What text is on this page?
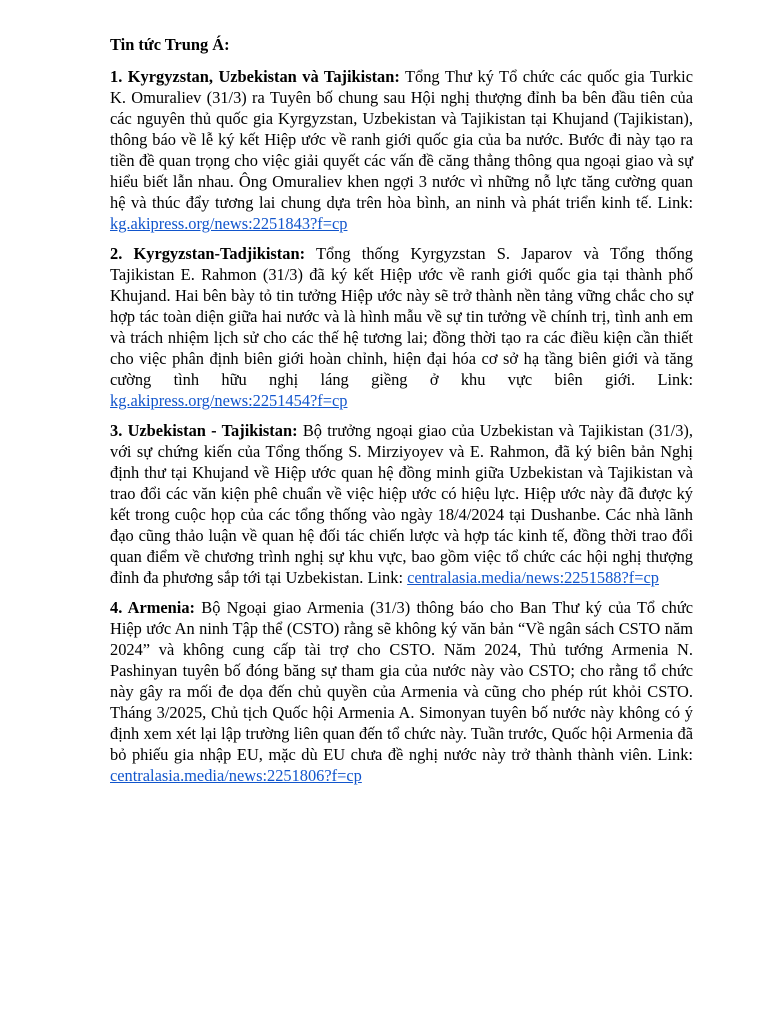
Tin tức Trung Á:

1. Kyrgyzstan, Uzbekistan và Tajikistan: Tổng Thư ký Tổ chức các quốc gia Turkic K. Omuraliev (31/3) ra Tuyên bố chung sau Hội nghị thượng đỉnh ba bên đầu tiên của các nguyên thủ quốc gia Kyrgyzstan, Uzbekistan và Tajikistan tại Khujand (Tajikistan), thông báo về lễ ký kết Hiệp ước về ranh giới quốc gia của ba nước. Bước đi này tạo ra tiền đề quan trọng cho việc giải quyết các vấn đề căng thẳng thông qua ngoại giao và sự hiểu biết lẫn nhau. Ông Omuraliev khen ngợi 3 nước vì những nỗ lực tăng cường quan hệ và thúc đẩy tương lai chung dựa trên hòa bình, an ninh và phát triển kinh tế. Link: kg.akipress.org/news:2251843?f=cp

2. Kyrgyzstan-Tadjikistan: Tổng thống Kyrgyzstan S. Japarov và Tổng thống Tajikistan E. Rahmon (31/3) đã ký kết Hiệp ước về ranh giới quốc gia tại thành phố Khujand. Hai bên bày tỏ tin tưởng Hiệp ước này sẽ trở thành nền tảng vững chắc cho sự hợp tác toàn diện giữa hai nước và là hình mẫu về sự tin tưởng về chính trị, tình anh em và trách nhiệm lịch sử cho các thế hệ tương lai; đồng thời tạo ra các điều kiện cần thiết cho việc phân định biên giới hoàn chỉnh, hiện đại hóa cơ sở hạ tầng biên giới và tăng cường tình hữu nghị láng giềng ở khu vực biên giới. Link: kg.akipress.org/news:2251454?f=cp

3. Uzbekistan - Tajikistan: Bộ trưởng ngoại giao của Uzbekistan và Tajikistan (31/3), với sự chứng kiến của Tổng thống S. Mirziyoyev và E. Rahmon, đã ký biên bản Nghị định thư tại Khujand về Hiệp ước quan hệ đồng minh giữa Uzbekistan và Tajikistan và trao đổi các văn kiện phê chuẩn về việc hiệp ước có hiệu lực. Hiệp ước này đã được ký kết trong cuộc họp của các tổng thống vào ngày 18/4/2024 tại Dushanbe. Các nhà lãnh đạo cũng thảo luận về quan hệ đối tác chiến lược và hợp tác kinh tế, đồng thời trao đổi quan điểm về chương trình nghị sự khu vực, bao gồm việc tổ chức các hội nghị thượng đỉnh đa phương sắp tới tại Uzbekistan. Link: centralasia.media/news:2251588?f=cp

4. Armenia: Bộ Ngoại giao Armenia (31/3) thông báo cho Ban Thư ký của Tổ chức Hiệp ước An ninh Tập thể (CSTO) rằng sẽ không ký văn bản “Về ngân sách CSTO năm 2024” và không cung cấp tài trợ cho CSTO. Năm 2024, Thủ tướng Armenia N. Pashinyan tuyên bố đóng băng sự tham gia của nước này vào CSTO; cho rằng tổ chức này gây ra mối đe dọa đến chủ quyền của Armenia và cũng cho phép rút khỏi CSTO. Tháng 3/2025, Chủ tịch Quốc hội Armenia A. Simonyan tuyên bố nước này không có ý định xem xét lại lập trường liên quan đến tổ chức này. Tuần trước, Quốc hội Armenia đã bỏ phiếu gia nhập EU, mặc dù EU chưa đề nghị nước này trở thành thành viên. Link: centralasia.media/news:2251806?f=cp
